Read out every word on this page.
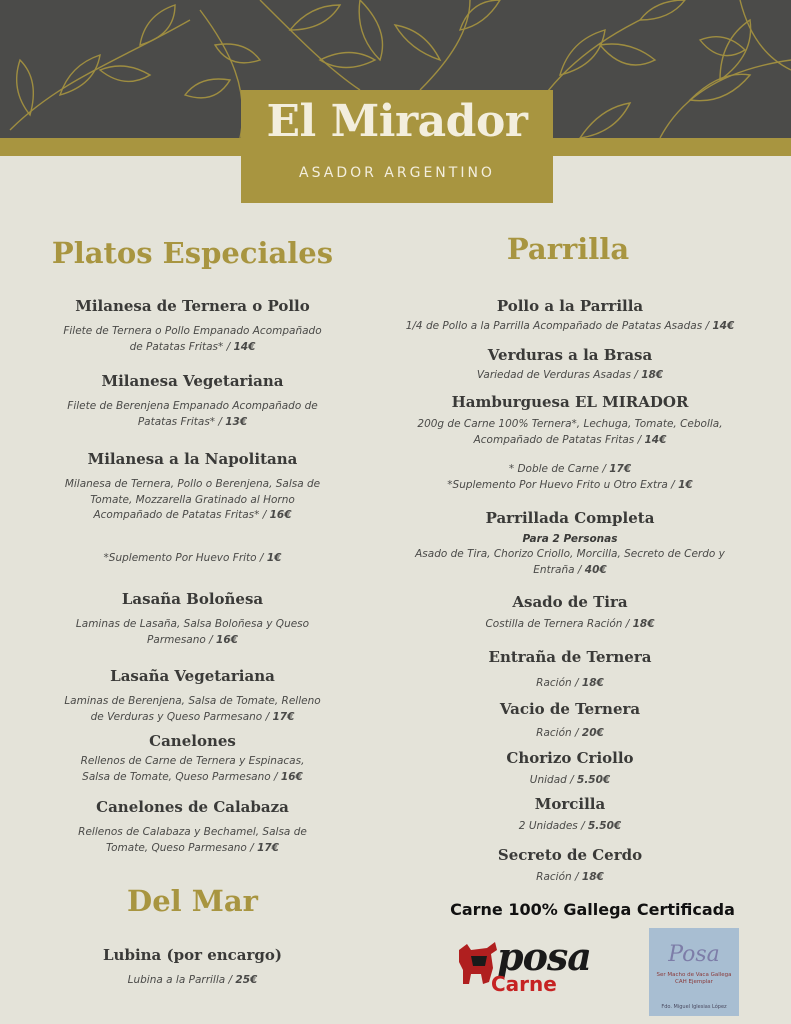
El Mirador
ASADOR ARGENTINO
Platos Especiales	Parrilla
Del Mar
Milanesa de Ternera o Pollo
Filete de Ternera o Pollo Empanado Acompañado
de Patatas Fritas* / 14€
Milanesa Vegetariana
Filete de Berenjena Empanado Acompañado de
Patatas Fritas* / 13€
Milanesa a la Napolitana
Milanesa de Ternera, Pollo o Berenjena, Salsa de
Tomate, Mozzarella Gratinado al Horno
Acompañado de Patatas Fritas* / 16€
*Suplemento Por Huevo Frito / 1€
Lasaña Boloñesa
Laminas de Lasaña, Salsa Boloñesa y Queso
Parmesano / 16€
Lasaña Vegetariana
Laminas de Berenjena, Salsa de Tomate, Relleno
de Verduras y Queso Parmesano / 17€
Canelones
Rellenos de Carne de Ternera y Espinacas,
Salsa de Tomate, Queso Parmesano / 16€
Canelones de Calabaza
Rellenos de Calabaza y Bechamel, Salsa de
Tomate, Queso Parmesano / 17€
Lubina (por encargo)
Lubina a la Parrilla / 25€
Pollo a la Parrilla
1/4 de Pollo a la Parrilla Acompañado de Patatas Asadas / 14€
Verduras a la Brasa
Variedad de Verduras Asadas / 18€
Hamburguesa EL MIRADOR
200g de Carne 100% Ternera*, Lechuga, Tomate, Cebolla,
Acompañado de Patatas Fritas / 14€
* Doble de Carne / 17€
*Suplemento Por Huevo Frito u Otro Extra / 1€
Parrillada Completa
Para 2 Personas
Asado de Tira, Chorizo Criollo, Morcilla, Secreto de Cerdo y
Entraña / 40€
Asado de Tira
Costilla de Ternera Ración / 18€
Entraña de Ternera
Ración / 18€
Vacio de Ternera
Ración / 20€
Chorizo Criollo
Unidad / 5.50€
Morcilla
2 Unidades / 5.50€
Secreto de Cerdo
Ración / 18€
Carne 100% Gallega Certificada
posa
Carne
Posa
Ser Macho de Vaca Gallega
CAH Ejemplar
Fdo. Miguel Iglesias López
